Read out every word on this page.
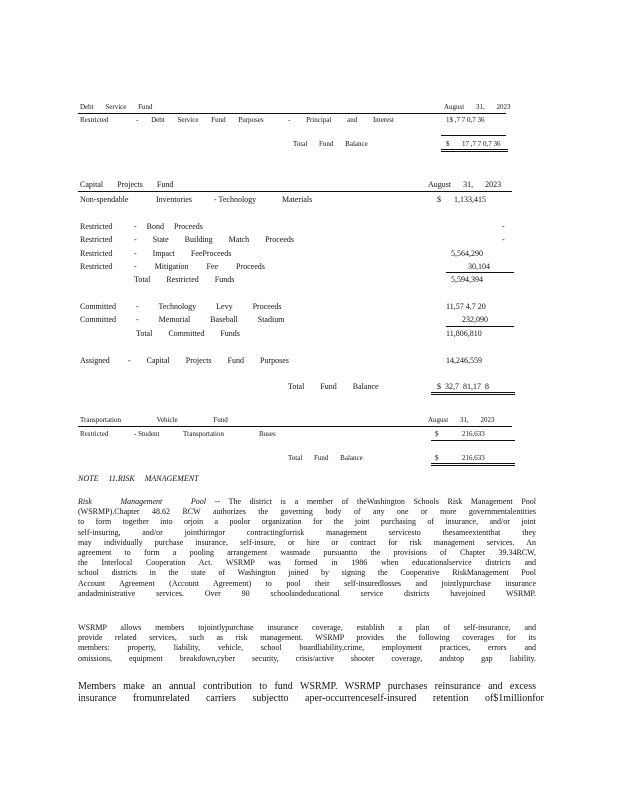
Debt Service Fund	August 31, 2023
Restricted	- Debt Service Fund Purposes	- Principal and Interest	1$ ,7 7 0,7 36
Total Fund Balance	$ 17 ,7 7 0,7 36
Capital Projects Fund	August 31, 2023
Non-spendable	Inventories	- Technology	Materials	$ 1,133,415
Restricted	- Bond Proceeds	-
Restricted	- State Building Match Proceeds	-
Restricted	- Impact FeeProceeds	5,564,290
Restricted	- Mitigation Fee Proceeds	30,104
Total Restricted Funds	5,594,394
Committed	- Technology Levy Proceeds	11,57 4,7 20
Committed	- Memorial Baseball Stadium	232,090
Total Committed Funds	11,806,810
Assigned - Capital Projects Fund Purposes	14,246,559
Total Fund Balance	$ 32,7 81,17 8
Transportation Vehicle Fund	August 31, 2023
Restricted	- Student	Transportation	Buses	$	216,633
Total Fund Balance	$	216,633
NOTE 11.RISK MANAGEMENT
Risk Management Pool -- The district is a member of theWashington Schools Risk Management Pool
(WSRMP).Chapter 48.62 RCW authorizes the governing body of any one or more governmentalentities
to form together into orjoin a poolor organization for the joint purchasing of insurance, and/or joint
self-insuring, and/or jointhiringor contractingforrisk management servicesto thesameextentthat they
may individually purchase insurance, self-insure, or hire or contract for risk management services. An
agreement to form a pooling arrangement wasmade pursuantto the provisions of Chapter 39.34RCW,
the Interlocal Cooperation Act. WSRMP was formed in 1986 when educationalservice districts and
school districts in the state of Washington joined by signing the Cooperative RiskManagement Pool
Account Agreement (Account Agreement) to pool their self-insuredlosses and jointlypurchase insurance
andadministrative services. Over 90 schoolandeducational service districts havejoined WSRMP.
WSRMP allows members tojointlypurchase insurance coverage, establish a plan of self-insurance, and
provide related services, such as risk management. WSRMP provides the following coverages for its
members: property, liability, vehicle, school boardliability,crime, employment practices, errors and
omissions, equipment breakdown,cyber security, crisis/active shooter coverage, andstop gap liability.
Members make an annual contribution to fund WSRMP. WSRMP purchases reinsurance and excess
insurance fromunrelated carriers subjectto aper-occurrenceself-insured retention of$1millionfor
